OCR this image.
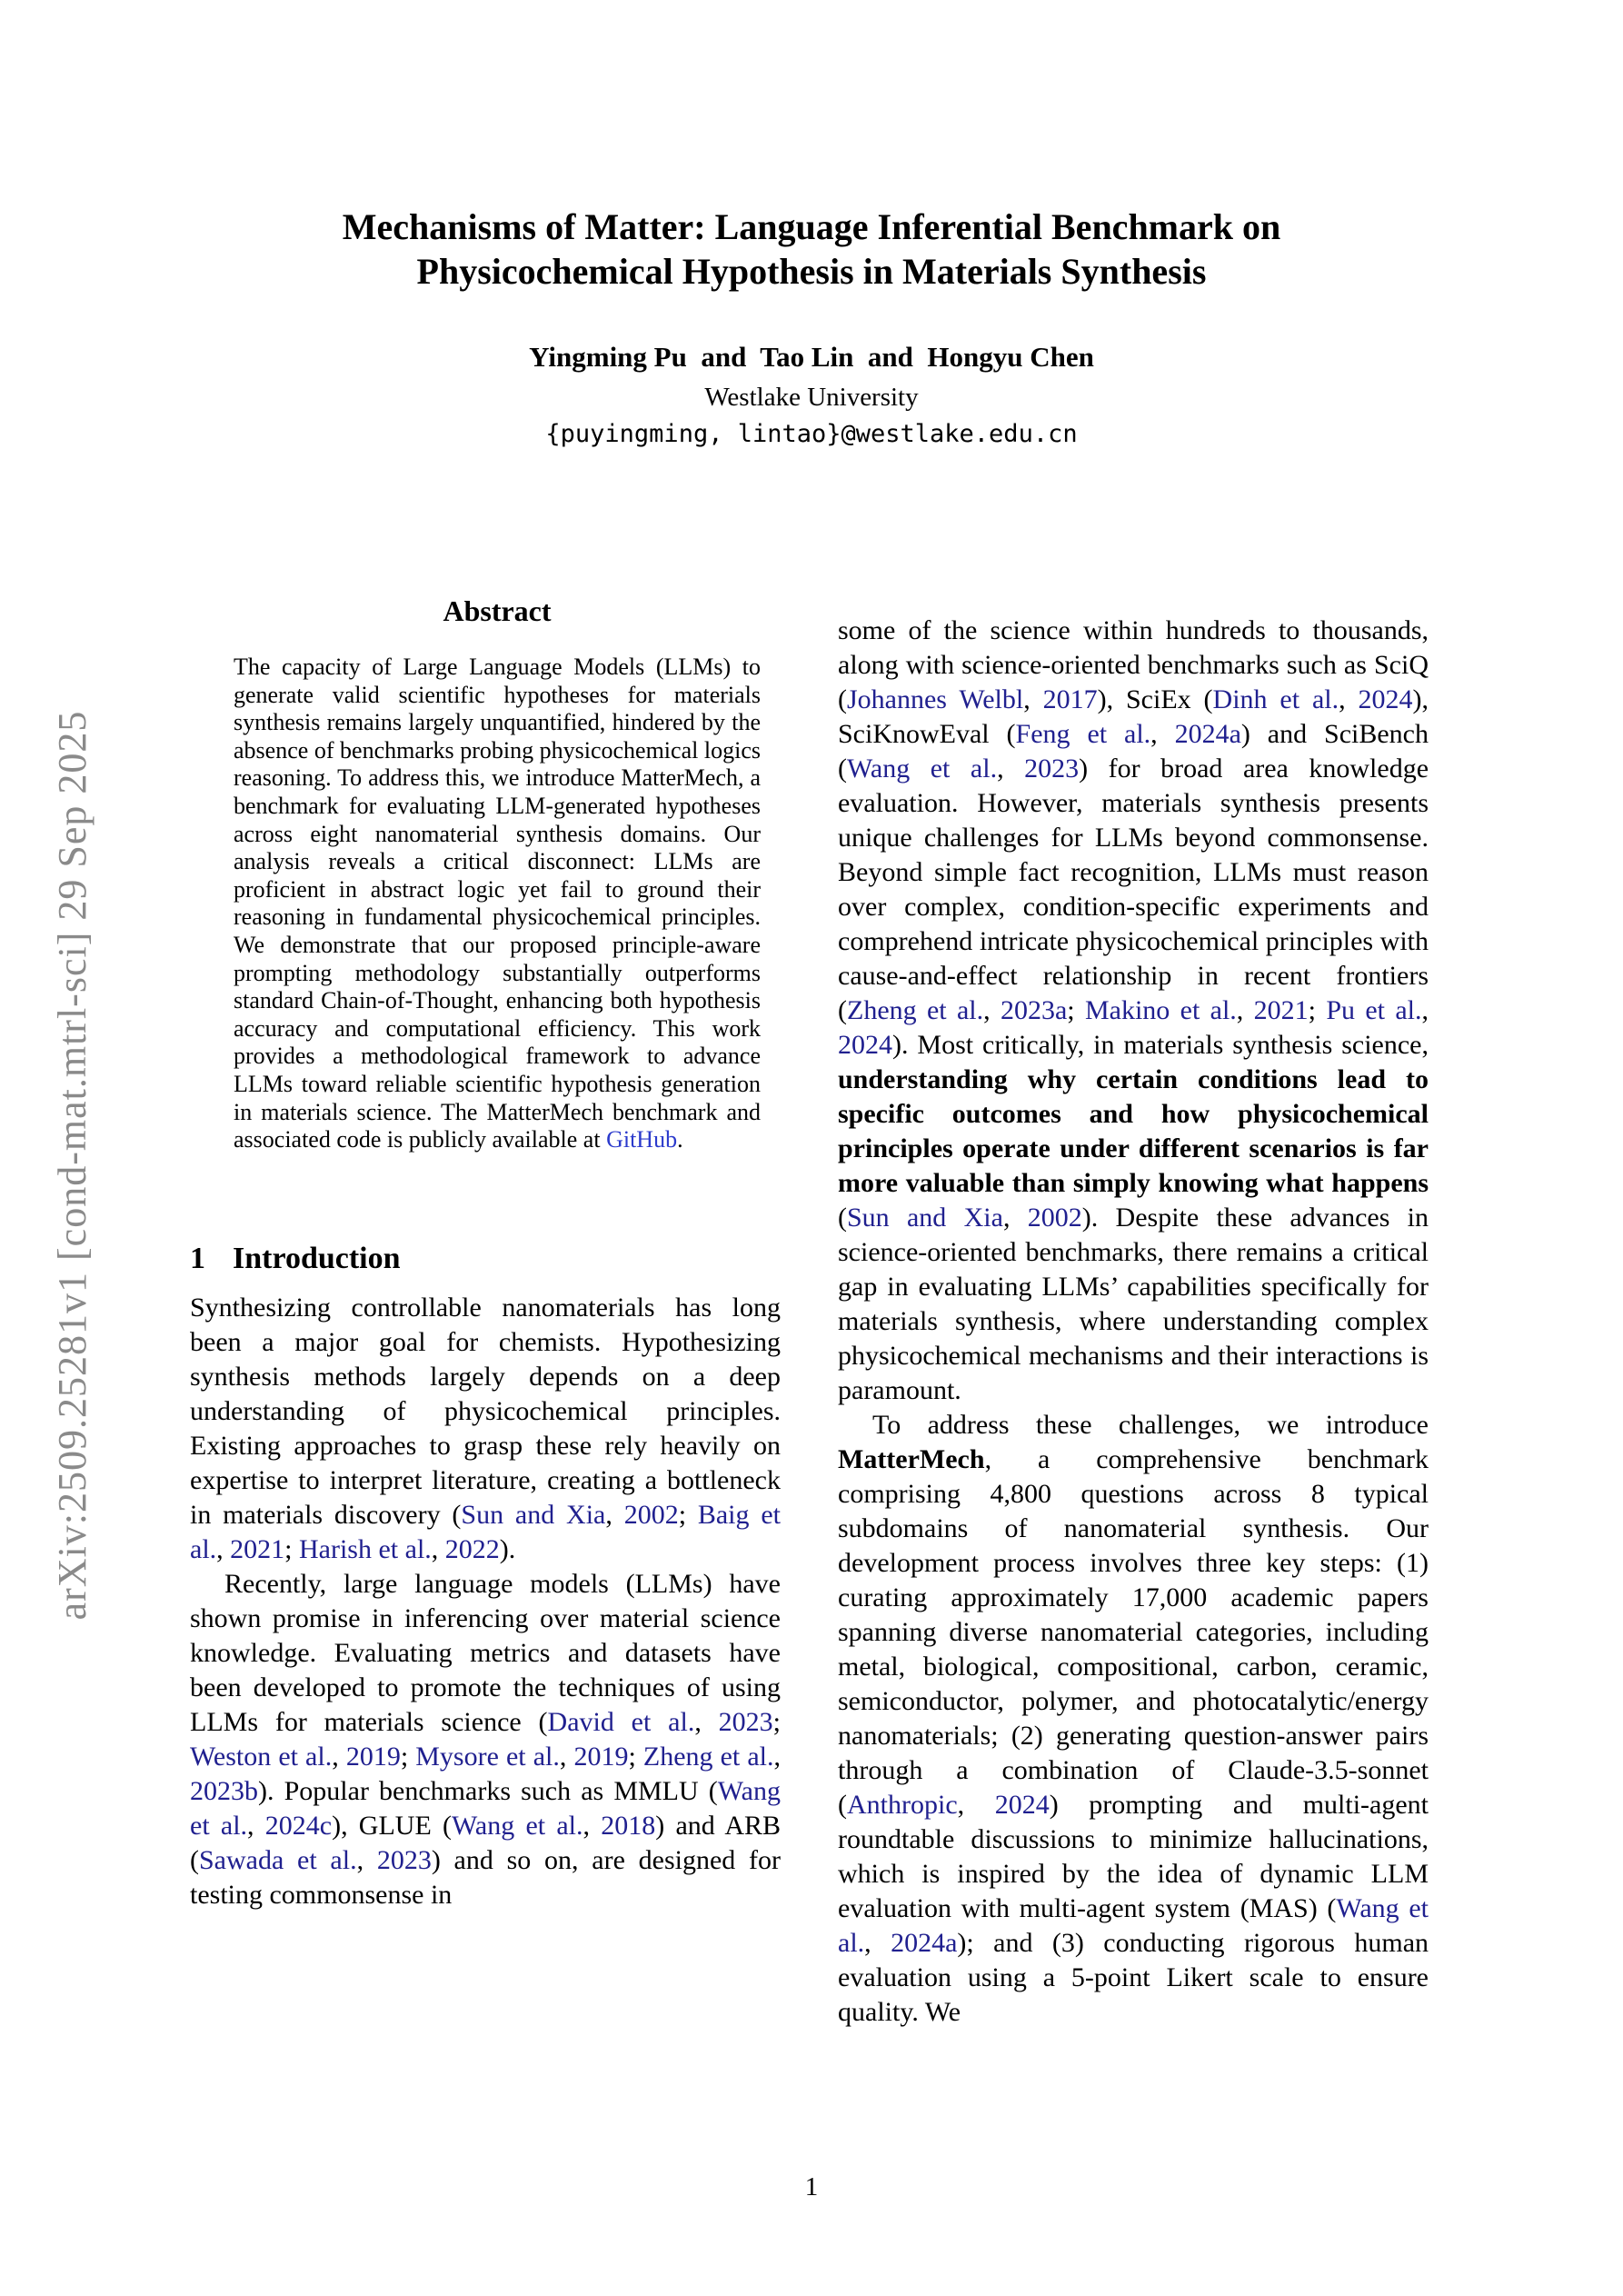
arXiv:2509.25281v1 [cond-mat.mtrl-sci] 29 Sep 2025
Mechanisms of Matter: Language Inferential Benchmark on
Physicochemical Hypothesis in Materials Synthesis
Yingming Pu  and  Tao Lin  and  Hongyu Chen
Westlake University
{puyingming, lintao}@westlake.edu.cn
Abstract
The capacity of Large Language Models (LLMs) to generate valid scientific hypotheses for materials synthesis remains largely unquantified, hindered by the absence of benchmarks probing physicochemical logics reasoning. To address this, we introduce MatterMech, a benchmark for evaluating LLM-generated hypotheses across eight nanomaterial synthesis domains. Our analysis reveals a critical disconnect: LLMs are proficient in abstract logic yet fail to ground their reasoning in fundamental physicochemical principles. We demonstrate that our proposed principle-aware prompting methodology substantially outperforms standard Chain-of-Thought, enhancing both hypothesis accuracy and computational efficiency. This work provides a methodological framework to advance LLMs toward reliable scientific hypothesis generation in materials science. The MatterMech benchmark and associated code is publicly available at GitHub.
1 Introduction

Synthesizing controllable nanomaterials has long been a major goal for chemists. Hypothesizing synthesis methods largely depends on a deep understanding of physicochemical principles. Existing approaches to grasp these rely heavily on expertise to interpret literature, creating a bottleneck in materials discovery (Sun and Xia, 2002; Baig et al., 2021; Harish et al., 2022).

Recently, large language models (LLMs) have shown promise in inferencing over material science knowledge. Evaluating metrics and datasets have been developed to promote the techniques of using LLMs for materials science (David et al., 2023; Weston et al., 2019; Mysore et al., 2019; Zheng et al., 2023b). Popular benchmarks such as MMLU (Wang et al., 2024c), GLUE (Wang et al., 2018) and ARB (Sawada et al., 2023) and so on, are designed for testing commonsense in

some of the science within hundreds to thousands, along with science-oriented benchmarks such as SciQ (Johannes Welbl, 2017), SciEx (Dinh et al., 2024), SciKnowEval (Feng et al., 2024a) and SciBench (Wang et al., 2023) for broad area knowledge evaluation. However, materials synthesis presents unique challenges for LLMs beyond commonsense. Beyond simple fact recognition, LLMs must reason over complex, condition-specific experiments and comprehend intricate physicochemical principles with cause-and-effect relationship in recent frontiers (Zheng et al., 2023a; Makino et al., 2021; Pu et al., 2024). Most critically, in materials synthesis science, understanding why certain conditions lead to specific outcomes and how physicochemical principles operate under different scenarios is far more valuable than simply knowing what happens (Sun and Xia, 2002). Despite these advances in science-oriented benchmarks, there remains a critical gap in evaluating LLMs’ capabilities specifically for materials synthesis, where understanding complex physicochemical mechanisms and their interactions is paramount.

To address these challenges, we introduce MatterMech, a comprehensive benchmark comprising 4,800 questions across 8 typical subdomains of nanomaterial synthesis. Our development process involves three key steps: (1) curating approximately 17,000 academic papers spanning diverse nanomaterial categories, including metal, biological, compositional, carbon, ceramic, semiconductor, polymer, and photocatalytic/energy nanomaterials; (2) generating question-answer pairs through a combination of Claude-3.5-sonnet (Anthropic, 2024) prompting and multi-agent roundtable discussions to minimize hallucinations, which is inspired by the idea of dynamic LLM evaluation with multi-agent system (MAS) (Wang et al., 2024a); and (3) conducting rigorous human evaluation using a 5-point Likert scale to ensure quality. We

1
